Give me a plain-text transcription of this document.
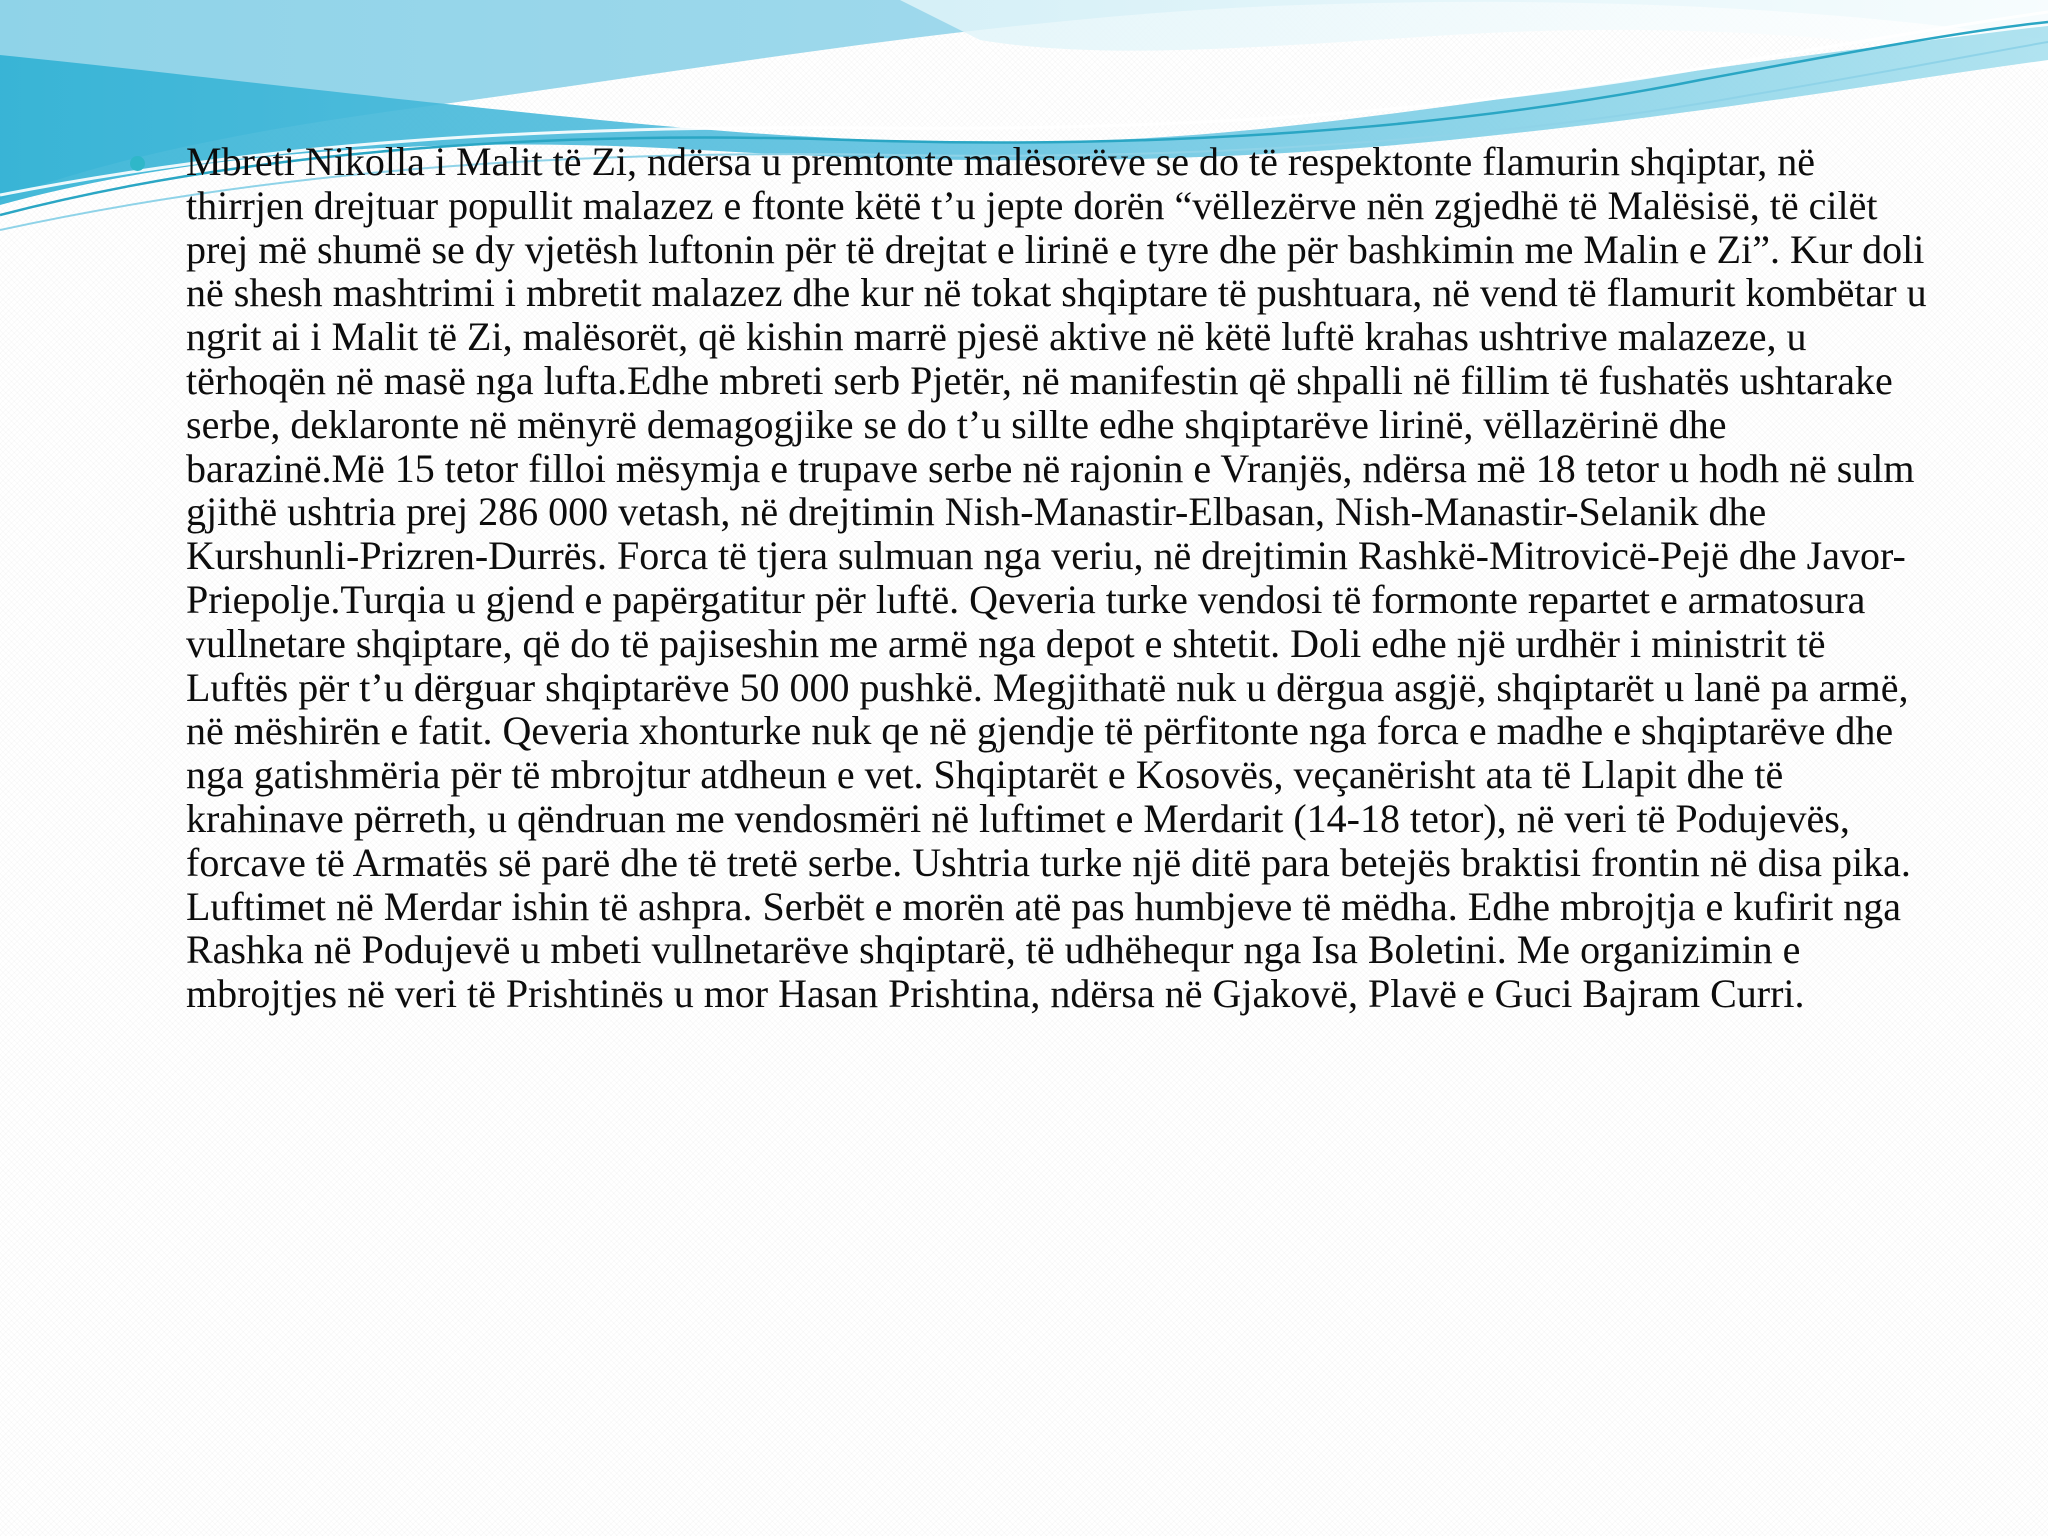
Mbreti Nikolla i Malit të Zi, ndërsa u premtonte malësorëve se do të respektonte flamurin shqiptar, në thirrjen drejtuar popullit malazez e ftonte këtë t’u jepte dorën “vëllezërve nën zgjedhë të Malësisë, të cilët prej më shumë se dy vjetësh luftonin për të drejtat e lirinë e tyre dhe për bashkimin me Malin e Zi”. Kur doli në shesh mashtrimi i mbretit malazez dhe kur në tokat shqiptare të pushtuara, në vend të flamurit kombëtar u ngrit ai i Malit të Zi, malësorët, që kishin marrë pjesë aktive në këtë luftë krahas ushtrive malazeze, u tërhoqën në masë nga lufta.Edhe mbreti serb Pjetër, në manifestin që shpalli në fillim të fushatës ushtarake serbe, deklaronte në mënyrë demagogjike se do t’u sillte edhe shqiptarëve lirinë, vëllazërinë dhe barazinë.Më 15 tetor filloi mësymja e trupave serbe në rajonin e Vranjës, ndërsa më 18 tetor u hodh në sulm gjithë ushtria prej 286 000 vetash, në drejtimin Nish-Manastir-Elbasan, Nish-Manastir-Selanik dhe Kurshunli-Prizren-Durrës. Forca të tjera sulmuan nga veriu, në drejtimin Rashkë-Mitrovicë-Pejë dhe Javor-Priepolje.Turqia u gjend e papërgatitur për luftë. Qeveria turke vendosi të formonte repartet e armatosura vullnetare shqiptare, që do të pajiseshin me armë nga depot e shtetit. Doli edhe një urdhër i ministrit të Luftës për t’u dërguar shqiptarëve 50 000 pushkë. Megjithatë nuk u dërgua asgjë, shqiptarët u lanë pa armë, në mëshirën e fatit. Qeveria xhonturke nuk qe në gjendje të përfitonte nga forca e madhe e shqiptarëve dhe nga gatishmëria për të mbrojtur atdheun e vet. Shqiptarët e Kosovës, veçanërisht ata të Llapit dhe të krahinave përreth, u qëndruan me vendosmëri në luftimet e Merdarit (14-18 tetor), në veri të Podujevës, forcave të Armatës së parë dhe të tretë serbe. Ushtria turke një ditë para betejës braktisi frontin në disa pika. Luftimet në Merdar ishin të ashpra. Serbët e morën atë pas humbjeve të mëdha. Edhe mbrojtja e kufirit nga Rashka në Podujevë u mbeti vullnetarëve shqiptarë, të udhëhequr nga Isa Boletini. Me organizimin e mbrojtjes në veri të Prishtinës u mor Hasan Prishtina, ndërsa në Gjakovë, Plavë e Guci Bajram Curri.
